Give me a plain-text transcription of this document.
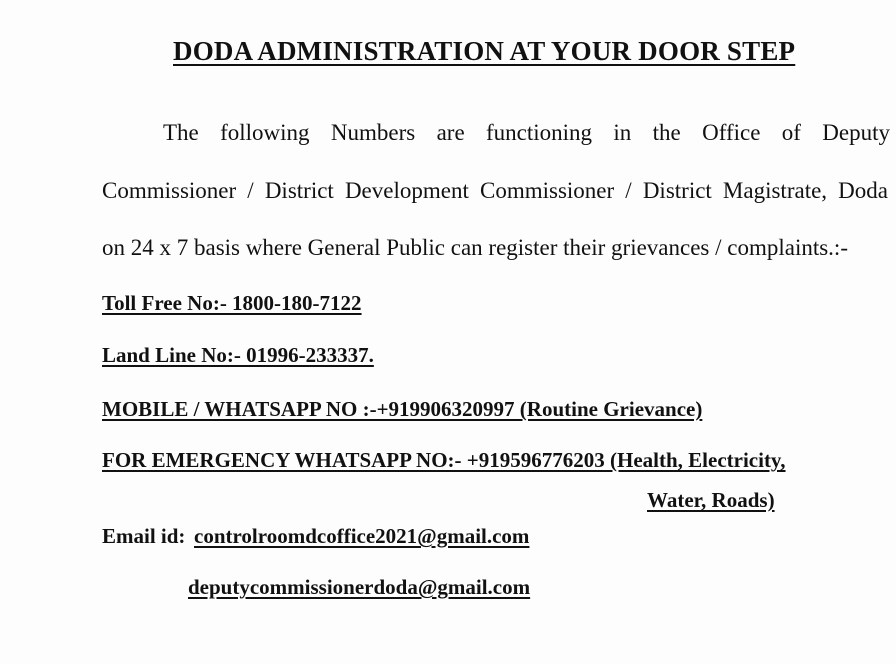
DODA ADMINISTRATION AT YOUR DOOR STEP
The following Numbers are functioning in the Office of Deputy
Commissioner / District Development Commissioner / District Magistrate, Doda
on 24 x 7 basis where General Public can register their grievances / complaints.:-
Toll Free No:- 1800-180-7122
Land Line No:- 01996-233337.
MOBILE / WHATSAPP NO :-+919906320997 (Routine Grievance)
FOR EMERGENCY WHATSAPP NO:- +919596776203 (Health, Electricity,
Water, Roads)
Email id: controlroomdcoffice2021@gmail.com
deputycommissionerdoda@gmail.com
